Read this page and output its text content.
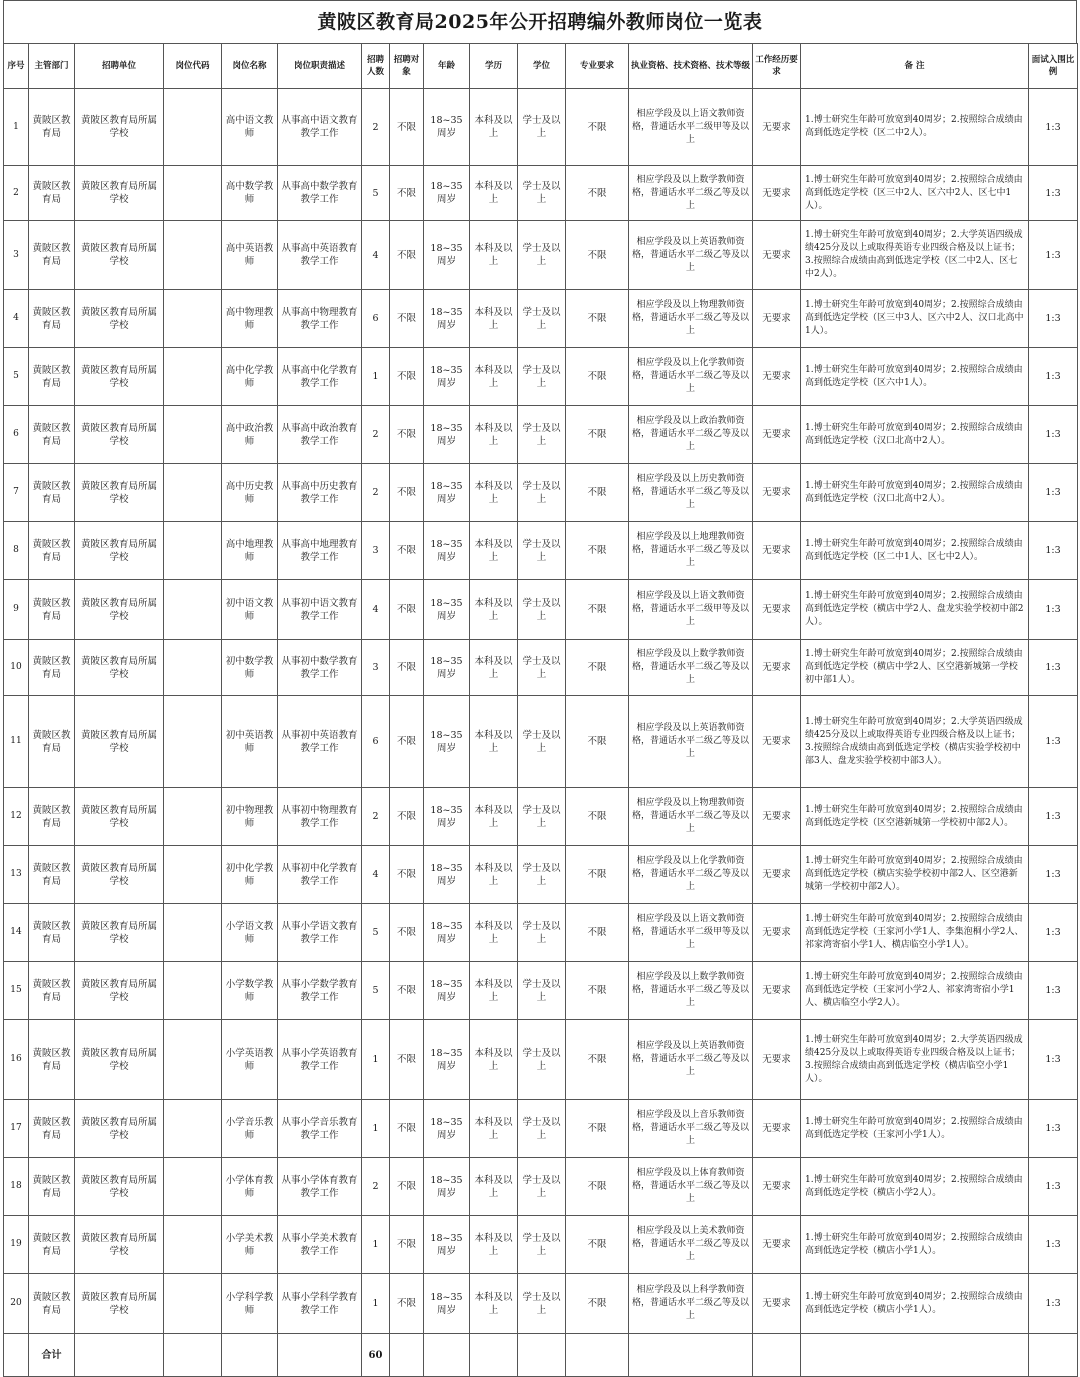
黄陂区教育局2025年公开招聘编外教师岗位一览表
序号	主管部门	招聘单位	岗位代码	岗位名称	岗位职责描述	招聘人数	招聘对象	年龄	学历	学位	专业要求	执业资格、技术资格、技术等级	工作经历要求	备 注	面试入围比例
1	黄陂区教育局	黄陂区教育局所属学校		高中语文教师	从事高中语文教育教学工作	2	不限	18~35周岁	本科及以上	学士及以上	不限	相应学段及以上语文教师资格，普通话水平二级甲等及以上	无要求	1.博士研究生年龄可放宽到40周岁；2.按照综合成绩由高到低选定学校（区二中2人）。	1:3
2	黄陂区教育局	黄陂区教育局所属学校		高中数学教师	从事高中数学教育教学工作	5	不限	18~35周岁	本科及以上	学士及以上	不限	相应学段及以上数学教师资格，普通话水平二级乙等及以上	无要求	1.博士研究生年龄可放宽到40周岁；2.按照综合成绩由高到低选定学校（区三中2人、区六中2人、区七中1人）。	1:3
3	黄陂区教育局	黄陂区教育局所属学校		高中英语教师	从事高中英语教育教学工作	4	不限	18~35周岁	本科及以上	学士及以上	不限	相应学段及以上英语教师资格，普通话水平二级乙等及以上	无要求	1.博士研究生年龄可放宽到40周岁；2.大学英语四级成绩425分及以上或取得英语专业四级合格及以上证书；3.按照综合成绩由高到低选定学校（区二中2人、区七中2人）。	1:3
4	黄陂区教育局	黄陂区教育局所属学校		高中物理教师	从事高中物理教育教学工作	6	不限	18~35周岁	本科及以上	学士及以上	不限	相应学段及以上物理教师资格，普通话水平二级乙等及以上	无要求	1.博士研究生年龄可放宽到40周岁；2.按照综合成绩由高到低选定学校（区三中3人、区六中2人、汉口北高中1人）。	1:3
5	黄陂区教育局	黄陂区教育局所属学校		高中化学教师	从事高中化学教育教学工作	1	不限	18~35周岁	本科及以上	学士及以上	不限	相应学段及以上化学教师资格，普通话水平二级乙等及以上	无要求	1.博士研究生年龄可放宽到40周岁；2.按照综合成绩由高到低选定学校（区六中1人）。	1:3
6	黄陂区教育局	黄陂区教育局所属学校		高中政治教师	从事高中政治教育教学工作	2	不限	18~35周岁	本科及以上	学士及以上	不限	相应学段及以上政治教师资格，普通话水平二级乙等及以上	无要求	1.博士研究生年龄可放宽到40周岁；2.按照综合成绩由高到低选定学校（汉口北高中2人）。	1:3
7	黄陂区教育局	黄陂区教育局所属学校		高中历史教师	从事高中历史教育教学工作	2	不限	18~35周岁	本科及以上	学士及以上	不限	相应学段及以上历史教师资格，普通话水平二级乙等及以上	无要求	1.博士研究生年龄可放宽到40周岁；2.按照综合成绩由高到低选定学校（汉口北高中2人）。	1:3
8	黄陂区教育局	黄陂区教育局所属学校		高中地理教师	从事高中地理教育教学工作	3	不限	18~35周岁	本科及以上	学士及以上	不限	相应学段及以上地理教师资格，普通话水平二级乙等及以上	无要求	1.博士研究生年龄可放宽到40周岁；2.按照综合成绩由高到低选定学校（区二中1人、区七中2人）。	1:3
9	黄陂区教育局	黄陂区教育局所属学校		初中语文教师	从事初中语文教育教学工作	4	不限	18~35周岁	本科及以上	学士及以上	不限	相应学段及以上语文教师资格，普通话水平二级甲等及以上	无要求	1.博士研究生年龄可放宽到40周岁；2.按照综合成绩由高到低选定学校（横店中学2人、盘龙实验学校初中部2人）。	1:3
10	黄陂区教育局	黄陂区教育局所属学校		初中数学教师	从事初中数学教育教学工作	3	不限	18~35周岁	本科及以上	学士及以上	不限	相应学段及以上数学教师资格，普通话水平二级乙等及以上	无要求	1.博士研究生年龄可放宽到40周岁；2.按照综合成绩由高到低选定学校（横店中学2人、区空港新城第一学校初中部1人）。	1:3
11	黄陂区教育局	黄陂区教育局所属学校		初中英语教师	从事初中英语教育教学工作	6	不限	18~35周岁	本科及以上	学士及以上	不限	相应学段及以上英语教师资格，普通话水平二级乙等及以上	无要求	1.博士研究生年龄可放宽到40周岁；2.大学英语四级成绩425分及以上或取得英语专业四级合格及以上证书；3.按照综合成绩由高到低选定学校（横店实验学校初中部3人、盘龙实验学校初中部3人）。	1:3
12	黄陂区教育局	黄陂区教育局所属学校		初中物理教师	从事初中物理教育教学工作	2	不限	18~35周岁	本科及以上	学士及以上	不限	相应学段及以上物理教师资格，普通话水平二级乙等及以上	无要求	1.博士研究生年龄可放宽到40周岁；2.按照综合成绩由高到低选定学校（区空港新城第一学校初中部2人）。	1:3
13	黄陂区教育局	黄陂区教育局所属学校		初中化学教师	从事初中化学教育教学工作	4	不限	18~35周岁	本科及以上	学士及以上	不限	相应学段及以上化学教师资格，普通话水平二级乙等及以上	无要求	1.博士研究生年龄可放宽到40周岁；2.按照综合成绩由高到低选定学校（横店实验学校初中部2人、区空港新城第一学校初中部2人）。	1:3
14	黄陂区教育局	黄陂区教育局所属学校		小学语文教师	从事小学语文教育教学工作	5	不限	18~35周岁	本科及以上	学士及以上	不限	相应学段及以上语文教师资格，普通话水平二级甲等及以上	无要求	1.博士研究生年龄可放宽到40周岁；2.按照综合成绩由高到低选定学校（王家河小学1人、李集泡桐小学2人、祁家湾寄宿小学1人、横店临空小学1人）。	1:3
15	黄陂区教育局	黄陂区教育局所属学校		小学数学教师	从事小学数学教育教学工作	5	不限	18~35周岁	本科及以上	学士及以上	不限	相应学段及以上数学教师资格，普通话水平二级乙等及以上	无要求	1.博士研究生年龄可放宽到40周岁；2.按照综合成绩由高到低选定学校（王家河小学2人、祁家湾寄宿小学1人、横店临空小学2人）。	1:3
16	黄陂区教育局	黄陂区教育局所属学校		小学英语教师	从事小学英语教育教学工作	1	不限	18~35周岁	本科及以上	学士及以上	不限	相应学段及以上英语教师资格，普通话水平二级乙等及以上	无要求	1.博士研究生年龄可放宽到40周岁；2.大学英语四级成绩425分及以上或取得英语专业四级合格及以上证书；3.按照综合成绩由高到低选定学校（横店临空小学1人）。	1:3
17	黄陂区教育局	黄陂区教育局所属学校		小学音乐教师	从事小学音乐教育教学工作	1	不限	18~35周岁	本科及以上	学士及以上	不限	相应学段及以上音乐教师资格，普通话水平二级乙等及以上	无要求	1.博士研究生年龄可放宽到40周岁；2.按照综合成绩由高到低选定学校（王家河小学1人）。	1:3
18	黄陂区教育局	黄陂区教育局所属学校		小学体育教师	从事小学体育教育教学工作	2	不限	18~35周岁	本科及以上	学士及以上	不限	相应学段及以上体育教师资格，普通话水平二级乙等及以上	无要求	1.博士研究生年龄可放宽到40周岁；2.按照综合成绩由高到低选定学校（横店小学2人）。	1:3
19	黄陂区教育局	黄陂区教育局所属学校		小学美术教师	从事小学美术教育教学工作	1	不限	18~35周岁	本科及以上	学士及以上	不限	相应学段及以上美术教师资格，普通话水平二级乙等及以上	无要求	1.博士研究生年龄可放宽到40周岁；2.按照综合成绩由高到低选定学校（横店小学1人）。	1:3
20	黄陂区教育局	黄陂区教育局所属学校		小学科学教师	从事小学科学教育教学工作	1	不限	18~35周岁	本科及以上	学士及以上	不限	相应学段及以上科学教师资格，普通话水平二级乙等及以上	无要求	1.博士研究生年龄可放宽到40周岁；2.按照综合成绩由高到低选定学校（横店小学1人）。	1:3
	合计					60									
